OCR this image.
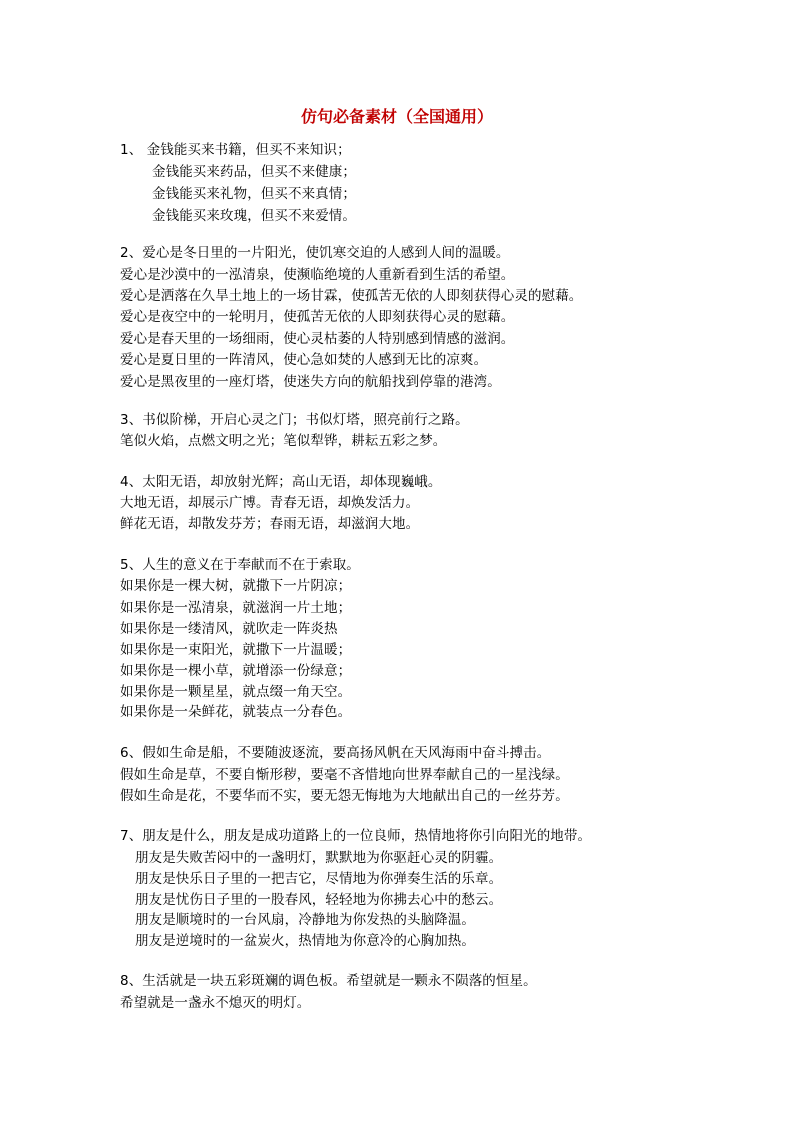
仿句必备素材（全国通用）
1、 金钱能买来书籍，但买不来知识；
金钱能买来药品，但买不来健康；
金钱能买来礼物，但买不来真情；
金钱能买来玫瑰，但买不来爱情。
2、爱心是冬日里的一片阳光，使饥寒交迫的人感到人间的温暖。
爱心是沙漠中的一泓清泉，使濒临绝境的人重新看到生活的希望。
爱心是洒落在久旱土地上的一场甘霖，使孤苦无依的人即刻获得心灵的慰藉。
爱心是夜空中的一轮明月，使孤苦无依的人即刻获得心灵的慰藉。
爱心是春天里的一场细雨，使心灵枯萎的人特别感到情感的滋润。
爱心是夏日里的一阵清风，使心急如焚的人感到无比的凉爽。
爱心是黑夜里的一座灯塔，使迷失方向的航船找到停靠的港湾。
3、书似阶梯，开启心灵之门；书似灯塔，照亮前行之路。
笔似火焰，点燃文明之光；笔似犁铧，耕耘五彩之梦。
4、太阳无语，却放射光辉；高山无语，却体现巍峨。
大地无语，却展示广博。青春无语，却焕发活力。
鲜花无语，却散发芬芳；春雨无语，却滋润大地。
5、人生的意义在于奉献而不在于索取。
如果你是一棵大树，就撒下一片阴凉；
如果你是一泓清泉，就滋润一片土地；
如果你是一缕清风，就吹走一阵炎热
如果你是一束阳光，就撒下一片温暖；
如果你是一棵小草，就增添一份绿意；
如果你是一颗星星，就点缀一角天空。
如果你是一朵鲜花，就装点一分春色。
6、假如生命是船，不要随波逐流，要高扬风帆在天风海雨中奋斗搏击。
假如生命是草，不要自惭形秽，要毫不吝惜地向世界奉献自己的一星浅绿。
假如生命是花，不要华而不实，要无怨无悔地为大地献出自己的一丝芬芳。
7、朋友是什么，朋友是成功道路上的一位良师，热情地将你引向阳光的地带。
朋友是失败苦闷中的一盏明灯，默默地为你驱赶心灵的阴霾。
朋友是快乐日子里的一把吉它，尽情地为你弹奏生活的乐章。
朋友是忧伤日子里的一股春风，轻轻地为你拂去心中的愁云。
朋友是顺境时的一台风扇，冷静地为你发热的头脑降温。
朋友是逆境时的一盆炭火，热情地为你意冷的心胸加热。
8、生活就是一块五彩斑斓的调色板。希望就是一颗永不陨落的恒星。
希望就是一盏永不熄灭的明灯。
